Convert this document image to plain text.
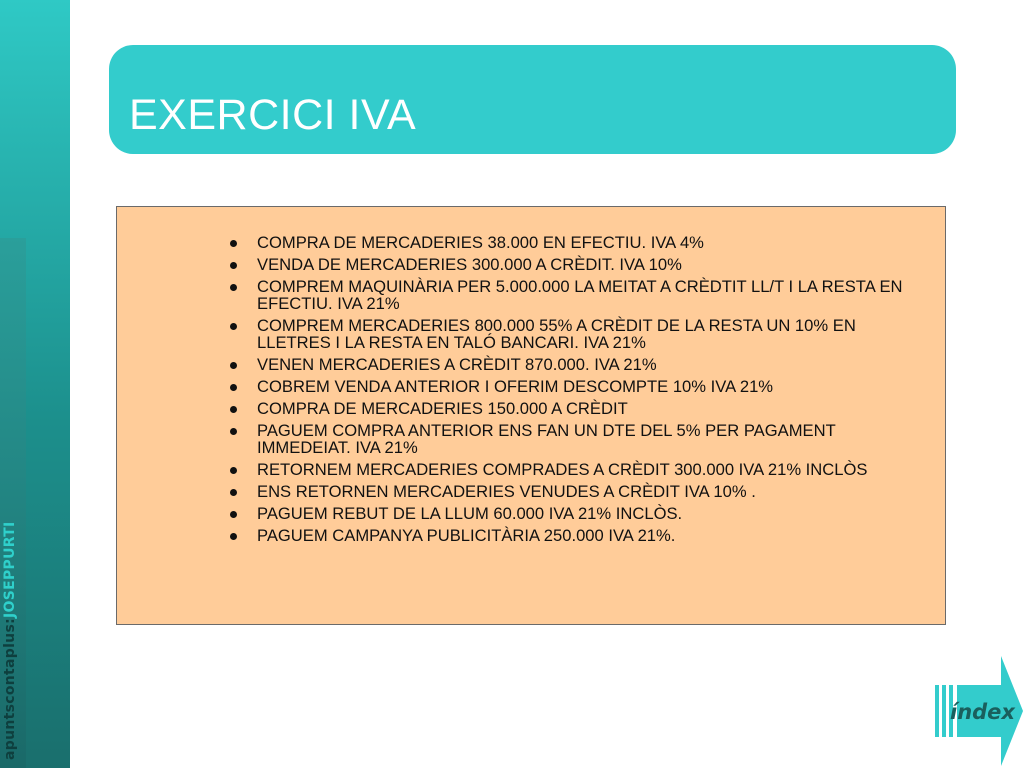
apuntscontaplus:JOSEPPURTI
EXERCICI IVA
COMPRA DE MERCADERIES 38.000 EN EFECTIU. IVA 4%
VENDA DE MERCADERIES 300.000 A CRÈDIT. IVA 10%
COMPREM MAQUINÀRIA PER 5.000.000 LA MEITAT A CRÈDTIT LL/T I LA RESTA EN EFECTIU. IVA 21%
COMPREM MERCADERIES 800.000 55% A CRÈDIT DE LA RESTA UN 10% EN LLETRES I LA RESTA EN TALÓ BANCARI. IVA 21%
VENEN MERCADERIES A CRÈDIT 870.000. IVA 21%
COBREM VENDA ANTERIOR I OFERIM DESCOMPTE 10% IVA 21%
COMPRA DE MERCADERIES 150.000 A CRÈDIT
PAGUEM COMPRA ANTERIOR ENS FAN UN DTE DEL 5% PER PAGAMENT IMMEDEIAT. IVA 21%
RETORNEM MERCADERIES COMPRADES A CRÈDIT 300.000 IVA 21% INCLÒS
ENS RETORNEN MERCADERIES VENUDES A CRÈDIT IVA 10% .
PAGUEM REBUT DE LA LLUM 60.000 IVA 21% INCLÒS.
PAGUEM CAMPANYA PUBLICITÀRIA 250.000 IVA 21%.
índex
